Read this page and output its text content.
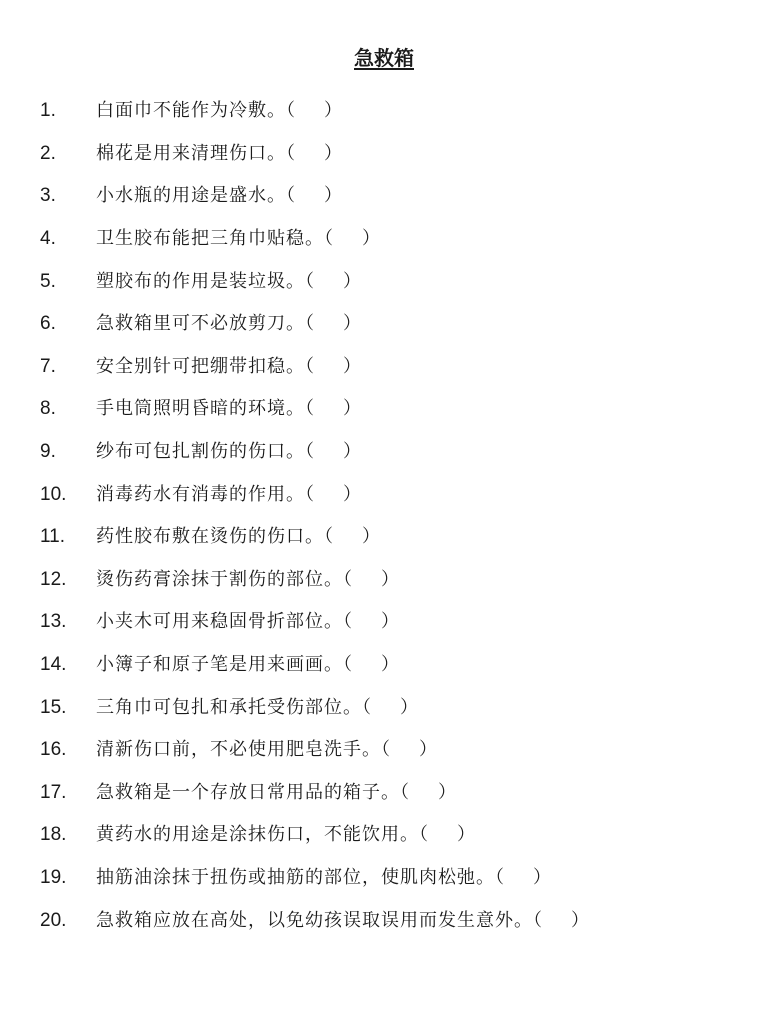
急救箱
1.	白面巾不能作为冷敷。（ ）
2.	棉花是用来清理伤口。（ ）
3.	小水瓶的用途是盛水。（ ）
4.	卫生胶布能把三角巾贴稳。（ ）
5.	塑胶布的作用是装垃圾。（ ）
6.	急救箱里可不必放剪刀。（ ）
7.	安全别针可把绷带扣稳。（ ）
8.	手电筒照明昏暗的环境。（ ）
9.	纱布可包扎割伤的伤口。（ ）
10.	消毒药水有消毒的作用。（ ）
11.	药性胶布敷在烫伤的伤口。（ ）
12.	烫伤药膏涂抹于割伤的部位。（ ）
13.	小夹木可用来稳固骨折部位。（ ）
14.	小簿子和原子笔是用来画画。（ ）
15.	三角巾可包扎和承托受伤部位。（ ）
16.	清新伤口前，不必使用肥皂洗手。（ ）
17.	急救箱是一个存放日常用品的箱子。（ ）
18.	黄药水的用途是涂抹伤口，不能饮用。（ ）
19.	抽筋油涂抹于扭伤或抽筋的部位，使肌肉松弛。（ ）
20.	急救箱应放在高处，以免幼孩误取误用而发生意外。（ ）
